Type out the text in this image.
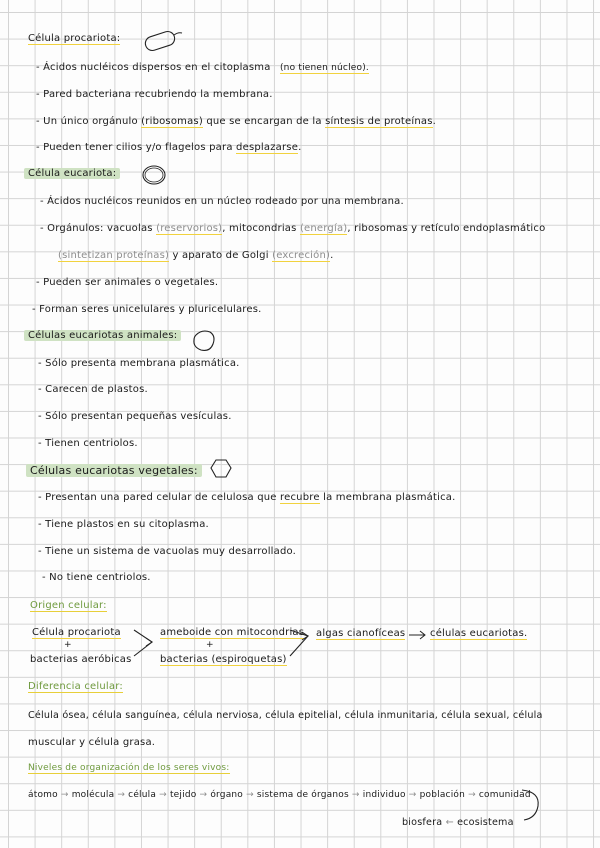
Célula procariota:
- Ácidos nucléicos dispersos en el citoplasma (no tienen núcleo).
- Pared bacteriana recubriendo la membrana.
- Un único orgánulo (ribosomas) que se encargan de la síntesis de proteínas.
- Pueden tener cilios y/o flagelos para desplazarse.
Célula eucariota:
- Ácidos nucléicos reunidos en un núcleo rodeado por una membrana.
- Orgánulos: vacuolas (reservorios), mitocondrias (energía), ribosomas y retículo endoplasmático
(sintetizan proteínas) y aparato de Golgi (excreción).
- Pueden ser animales o vegetales.
- Forman seres unicelulares y pluricelulares.
Células eucariotas animales:
- Sólo presenta membrana plasmática.
- Carecen de plastos.
- Sólo presentan pequeñas vesículas.
- Tienen centriolos.
Células eucariotas vegetales:
- Presentan una pared celular de celulosa que recubre la membrana plasmática.
- Tiene plastos en su citoplasma.
- Tiene un sistema de vacuolas muy desarrollado.
- No tiene centriolos.
Origen celular:
Célula procariota
+
bacterias aeróbicas
ameboide con mitocondrias
+
bacterias (espiroquetas)
algas cianofíceas células eucariotas.
Diferencia celular:
Célula ósea, célula sanguínea, célula nerviosa, célula epitelial, célula inmunitaria, célula sexual, célula
muscular y célula grasa.
Niveles de organización de los seres vivos:
átomo → molécula → célula → tejido → órgano → sistema de órganos → individuo → población → comunidad
biosfera ← ecosistema
